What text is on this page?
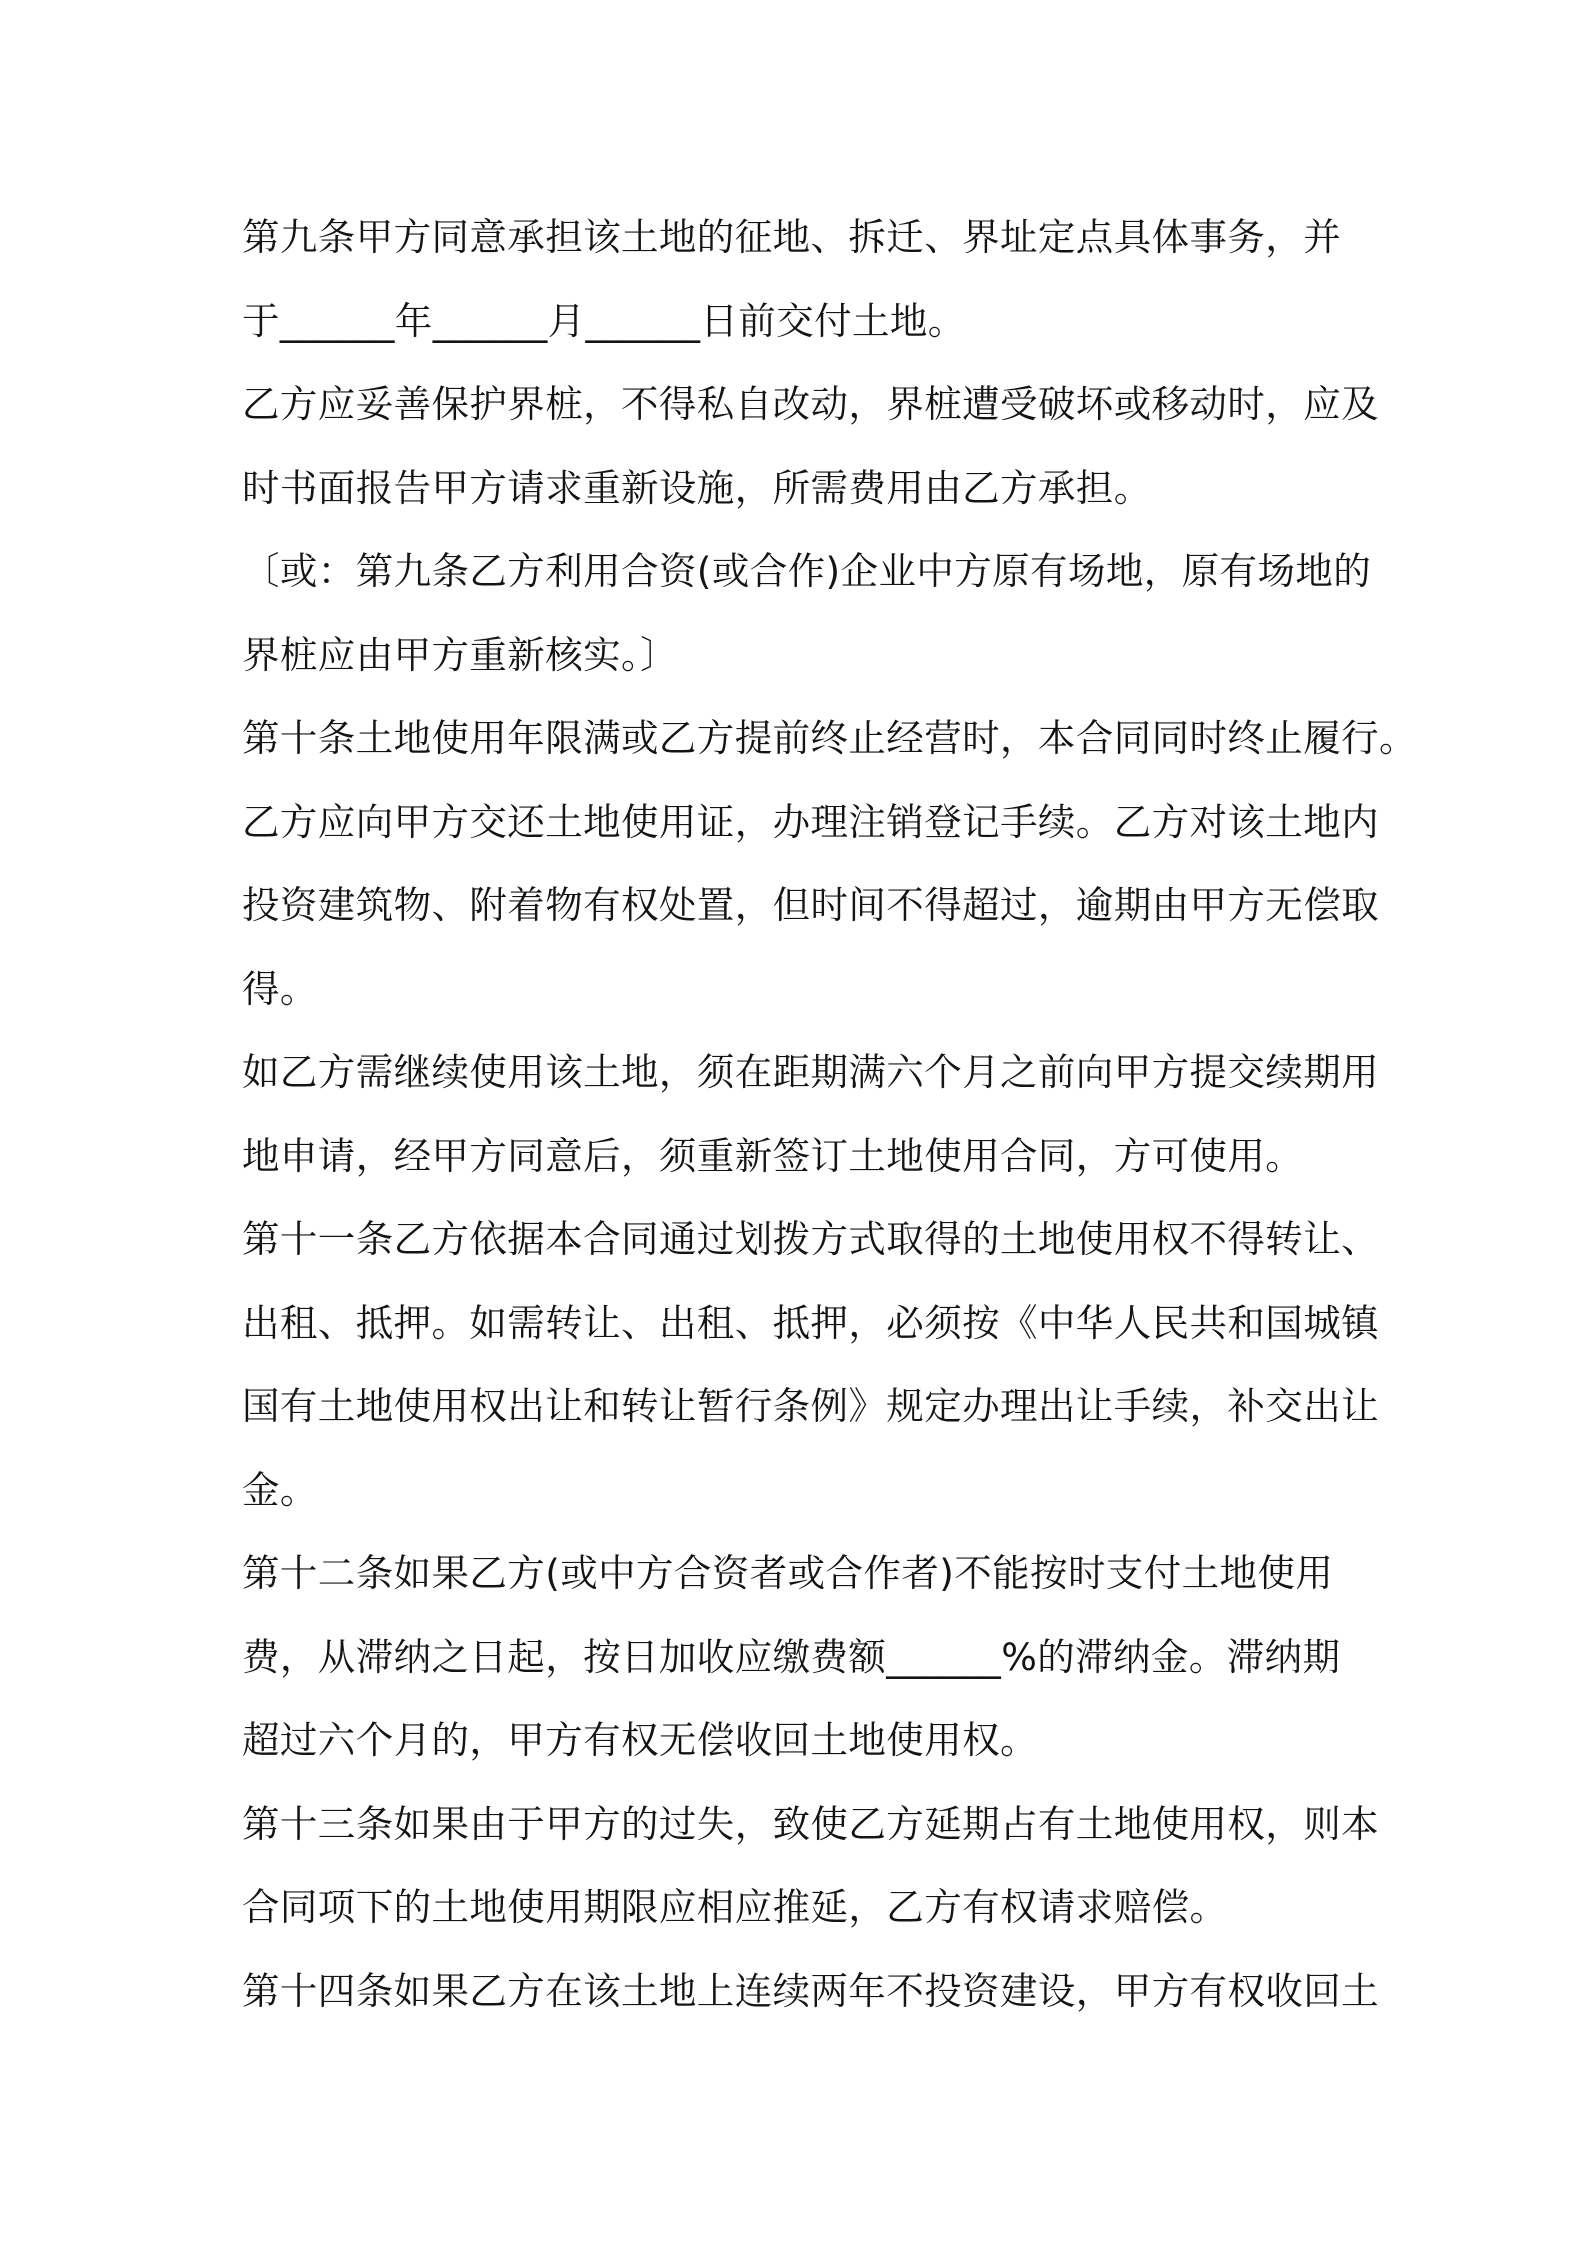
第九条甲方同意承担该土地的征地、拆迁、界址定点具体事务，并
于______年______月______日前交付土地。
乙方应妥善保护界桩，不得私自改动，界桩遭受破坏或移动时，应及
时书面报告甲方请求重新设施，所需费用由乙方承担。
〔或：第九条乙方利用合资(或合作)企业中方原有场地，原有场地的
界桩应由甲方重新核实。〕
第十条土地使用年限满或乙方提前终止经营时，本合同同时终止履行。
乙方应向甲方交还土地使用证，办理注销登记手续。乙方对该土地内
投资建筑物、附着物有权处置，但时间不得超过，逾期由甲方无偿取
得。
如乙方需继续使用该土地，须在距期满六个月之前向甲方提交续期用
地申请，经甲方同意后，须重新签订土地使用合同，方可使用。
第十一条乙方依据本合同通过划拨方式取得的土地使用权不得转让、
出租、抵押。如需转让、出租、抵押，必须按《中华人民共和国城镇
国有土地使用权出让和转让暂行条例》规定办理出让手续，补交出让
金。
第十二条如果乙方(或中方合资者或合作者)不能按时支付土地使用
费，从滞纳之日起，按日加收应缴费额______%的滞纳金。滞纳期
超过六个月的，甲方有权无偿收回土地使用权。
第十三条如果由于甲方的过失，致使乙方延期占有土地使用权，则本
合同项下的土地使用期限应相应推延，乙方有权请求赔偿。
第十四条如果乙方在该土地上连续两年不投资建设，甲方有权收回土
